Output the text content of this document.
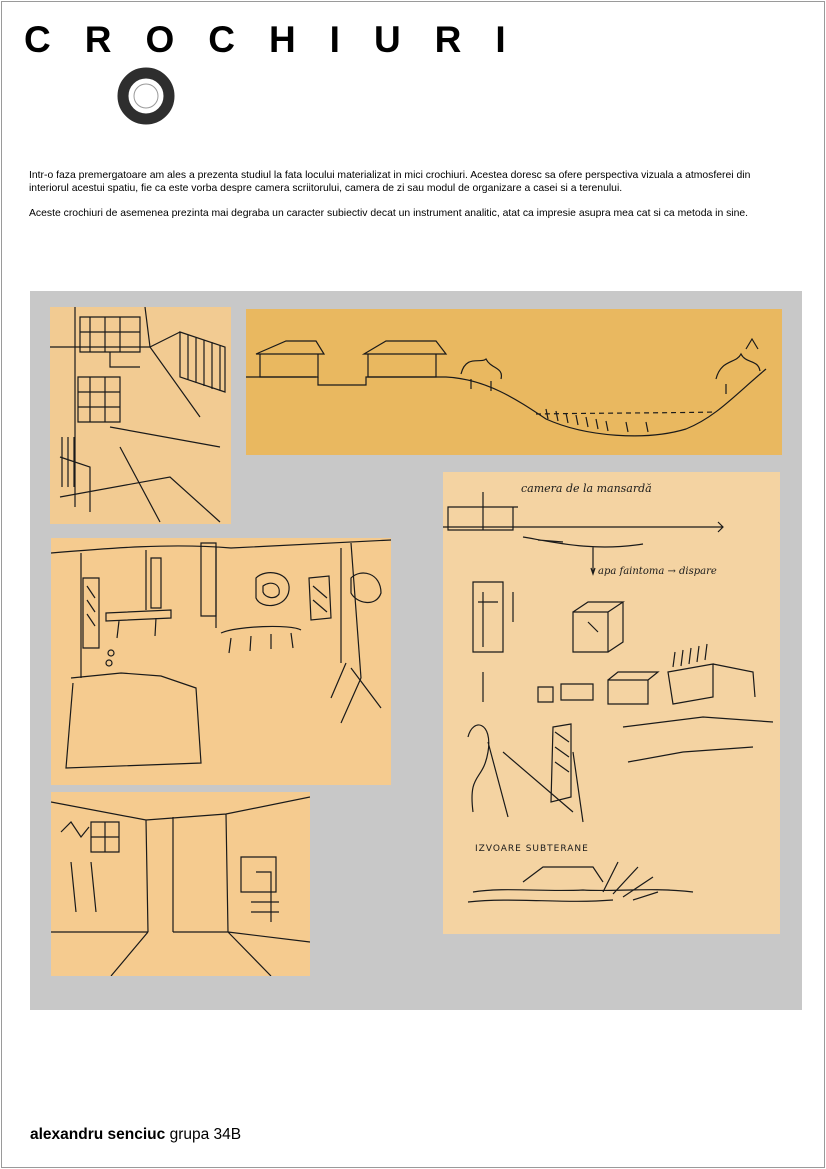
CROCHIURI

Intr-o faza premergatoare am ales a prezenta studiul la fata locului materializat in mici crochiuri. Acestea doresc sa ofere perspectiva vizuala a atmosferei din interiorul acestui spatiu, fie ca este vorba despre camera scriitorului, camera de zi sau modul de organizare a casei si a terenului.

Aceste crochiuri de asemenea prezinta mai degraba un caracter subiectiv decat un instrument analitic, atat ca impresie asupra mea cat si ca metoda in sine.

camera de la mansardă
apa faintoma → dispare
IZVOARE SUBTERANE
alexandru senciuc grupa 34B
